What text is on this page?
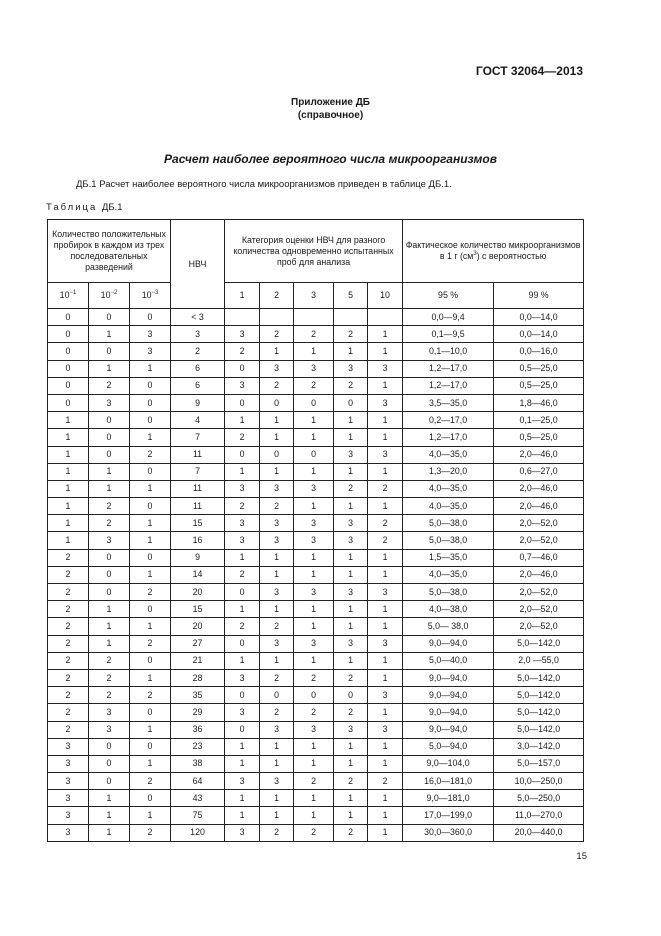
ГОСТ 32064—2013
Приложение ДБ
(справочное)
Расчет наиболее вероятного числа микроорганизмов
ДБ.1 Расчет наиболее вероятного числа микроорганизмов приведен в таблице ДБ.1.
Таблица ДБ.1
Количество положительных пробирок в каждом из трех последовательных разведений			НВЧ	Категория оценки НВЧ для разного количества одновременно испытанных проб для анализа					Фактическое количество микроорганизмов в 1 г $(см^3)$ с вероятностью	
$10^{-1}$	$10^{-2}$	$10^{-3}$		1	2	3	5	10	95 %	99 %
0	0	0	< 3						0,0—9,4	0,0—14,0
0	1	3	3	3	2	2	2	1	0,1—9,5	0,0—14,0
0	0	3	2	2	1	1	1	1	0,1—10,0	0,0—16,0
0	1	1	6	0	3	3	3	3	1,2—17,0	0,5—25,0
0	2	0	6	3	2	2	2	1	1,2—17,0	0,5—25,0
0	3	0	9	0	0	0	0	3	3,5—35,0	1,8—46,0
1	0	0	4	1	1	1	1	1	0,2—17,0	0,1—25,0
1	0	1	7	2	1	1	1	1	1,2—17,0	0,5—25,0
1	0	2	11	0	0	0	3	3	4,0—35,0	2,0—46,0
1	1	0	7	1	1	1	1	1	1,3—20,0	0,6—27,0
1	1	1	11	3	3	3	2	2	4,0—35,0	2,0—46,0
1	2	0	11	2	2	1	1	1	4,0—35,0	2,0—46,0
1	2	1	15	3	3	3	3	2	5,0—38,0	2,0—52,0
1	3	1	16	3	3	3	3	2	5,0—38,0	2,0—52,0
2	0	0	9	1	1	1	1	1	1,5—35,0	0,7—46,0
2	0	1	14	2	1	1	1	1	4,0—35,0	2,0—46,0
2	0	2	20	0	3	3	3	3	5,0—38,0	2,0—52,0
2	1	0	15	1	1	1	1	1	4,0—38,0	2,0—52,0
2	1	1	20	2	2	1	1	1	5,0— 38,0	2,0—52,0
2	1	2	27	0	3	3	3	3	9,0—94,0	5,0—142,0
2	2	0	21	1	1	1	1	1	5,0—40,0	2,0 —55,0
2	2	1	28	3	2	2	2	1	9,0—94,0	5,0—142,0
2	2	2	35	0	0	0	0	3	9,0—94,0	5,0—142,0
2	3	0	29	3	2	2	2	1	9,0—94,0	5,0—142,0
2	3	1	36	0	3	3	3	3	9,0—94,0	5,0—142,0
3	0	0	23	1	1	1	1	1	5,0—94,0	3,0—142,0
3	0	1	38	1	1	1	1	1	9,0—104,0	5,0—157,0
3	0	2	64	3	3	2	2	2	16,0—181,0	10,0—250,0
3	1	0	43	1	1	1	1	1	9,0—181,0	5,0—250,0
3	1	1	75	1	1	1	1	1	17,0—199,0	11,0—270,0
3	1	2	120	3	2	2	2	1	30,0—360,0	20,0—440,0
15
